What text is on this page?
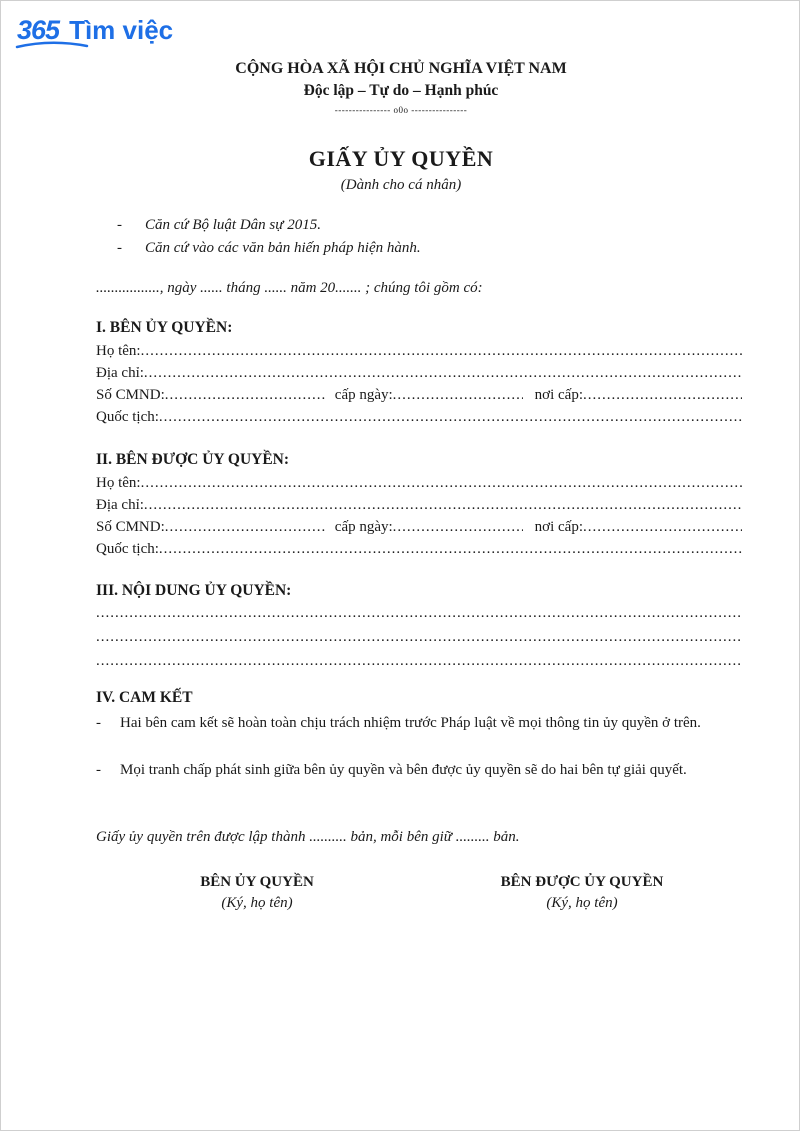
365 Tìm việc
CỘNG HÒA XÃ HỘI CHỦ NGHĨA VIỆT NAM
Độc lập – Tự do – Hạnh phúc
---------------- o0o ----------------
GIẤY ỦY QUYỀN
(Dành cho cá nhân)
- Căn cứ Bộ luật Dân sự 2015.
- Căn cứ vào các văn bản hiến pháp hiện hành.
................., ngày ...... tháng ...... năm 20....... ; chúng tôi gồm có:
I. BÊN ỦY QUYỀN:
Họ tên:
.....
Địa chỉ:
.....
Số CMND: .....	cấp ngày: .....	nơi cấp:
.....
Quốc tịch:
.....
II. BÊN ĐƯỢC ỦY QUYỀN:
Họ tên:
.....
Địa chỉ:
.....
Số CMND: .....	cấp ngày: .....	nơi cấp:
.....
Quốc tịch:
.....
III. NỘI DUNG ỦY QUYỀN:
.....
.....
.....
IV. CAM KẾT
- Hai bên cam kết sẽ hoàn toàn chịu trách nhiệm trước Pháp luật về mọi thông tin ủy quyền ở trên.
- Mọi tranh chấp phát sinh giữa bên ủy quyền và bên được ủy quyền sẽ do hai bên tự giải quyết.
Giấy ủy quyền trên được lập thành .......... bản, mỗi bên giữ ......... bản.
BÊN ỦY QUYỀN
(Ký, họ tên)
BÊN ĐƯỢC ỦY QUYỀN
(Ký, họ tên)
